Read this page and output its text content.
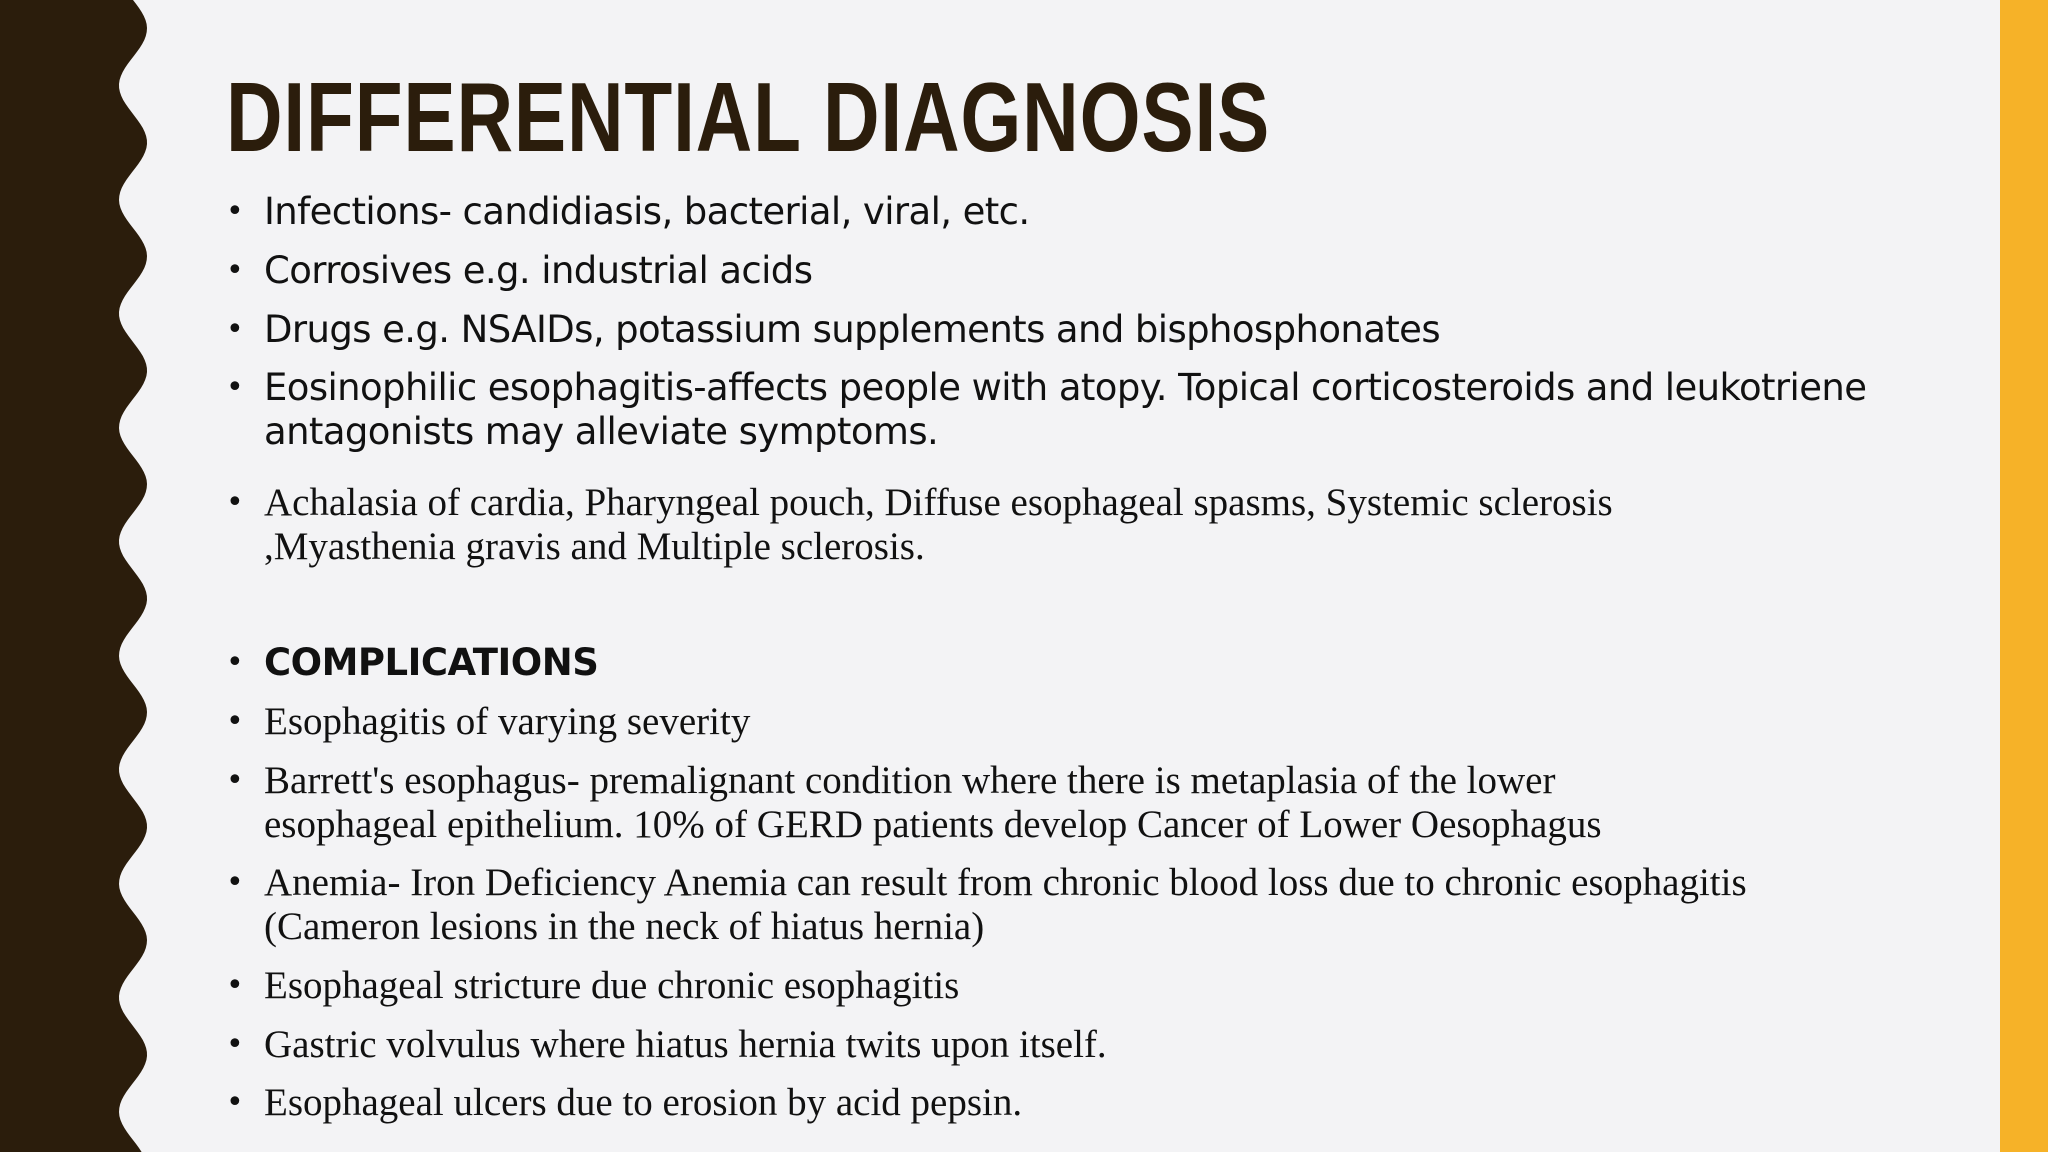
DIFFERENTIAL DIAGNOSIS
• Infections- candidiasis, bacterial, viral, etc.
• Corrosives e.g. industrial acids
• Drugs e.g. NSAIDs, potassium supplements and bisphosphonates
• Eosinophilic esophagitis-affects people with atopy. Topical corticosteroids and leukotriene
antagonists may alleviate symptoms.
• Achalasia of cardia, Pharyngeal pouch, Diffuse esophageal spasms, Systemic sclerosis
,Myasthenia gravis and Multiple sclerosis.
• COMPLICATIONS
• Esophagitis of varying severity
• Barrett's esophagus- premalignant condition where there is metaplasia of the lower
esophageal epithelium. 10% of GERD patients develop Cancer of Lower Oesophagus
• Anemia- Iron Deficiency Anemia can result from chronic blood loss due to chronic esophagitis
(Cameron lesions in the neck of hiatus hernia)
• Esophageal stricture due chronic esophagitis
• Gastric volvulus where hiatus hernia twits upon itself.
• Esophageal ulcers due to erosion by acid pepsin.
